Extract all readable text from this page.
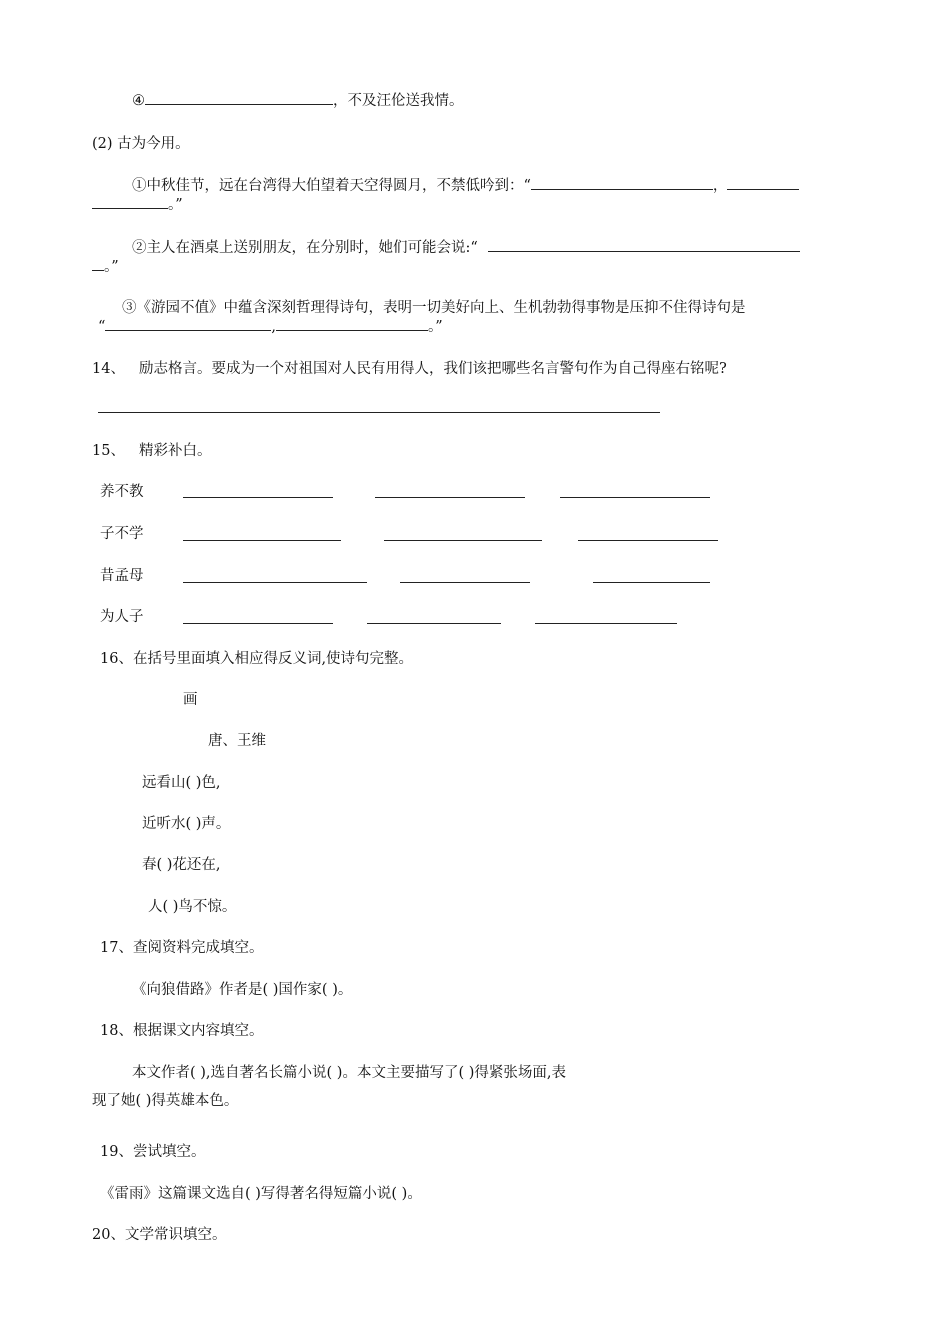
④	，不及汪伦送我情。
(2) 古为今用。
①中秋佳节，远在台湾得大伯望着天空得圆月，不禁低吟到：“	，
。”
②主人在酒桌上送别朋友，在分别时，她们可能会说:“
。”
③《游园不值》中蕴含深刻哲理得诗句，表明一切美好向上、生机勃勃得事物是压抑不住得诗句是
“	,	。”
14、 励志格言。要成为一个对祖国对人民有用得人，我们该把哪些名言警句作为自己得座右铭呢?
15、 精彩补白。
养不教
子不学
昔孟母
为人子
16、在括号里面填入相应得反义词,使诗句完整。
画
唐、王维
远看山( )色,
近听水( )声。
春( )花还在,
人( )鸟不惊。
17、查阅资料完成填空。
《向狼借路》作者是( )国作家( )。
18、根据课文内容填空。
本文作者( ),选自著名长篇小说( )。本文主要描写了( )得紧张场面,表
现了她( )得英雄本色。
19、尝试填空。
《雷雨》这篇课文选自( )写得著名得短篇小说( )。
20、文学常识填空。
